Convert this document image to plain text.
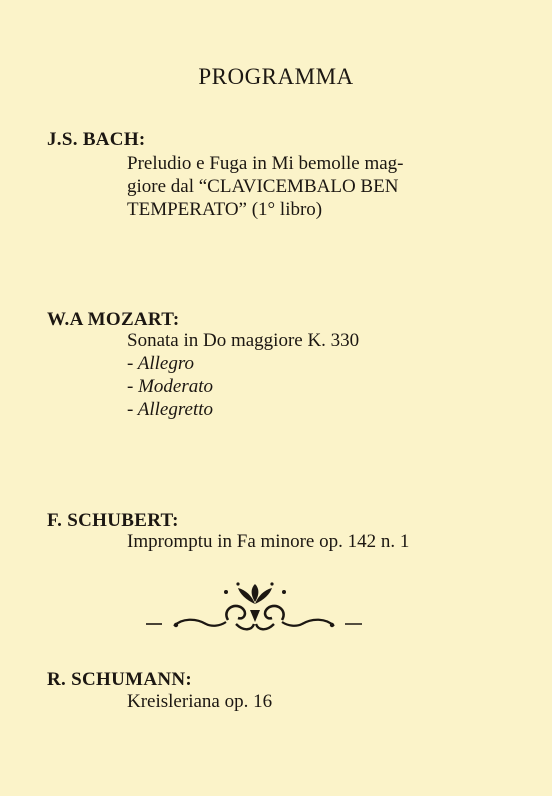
PROGRAMMA
J.S. BACH:
Preludio e Fuga in Mi bemolle mag-
giore dal “CLAVICEMBALO BEN
TEMPERATO” (1° libro)
W.A MOZART:
Sonata in Do maggiore K. 330
- Allegro
- Moderato
- Allegretto
F. SCHUBERT:
Impromptu in Fa minore op. 142 n. 1
R. SCHUMANN:
Kreisleriana op. 16
